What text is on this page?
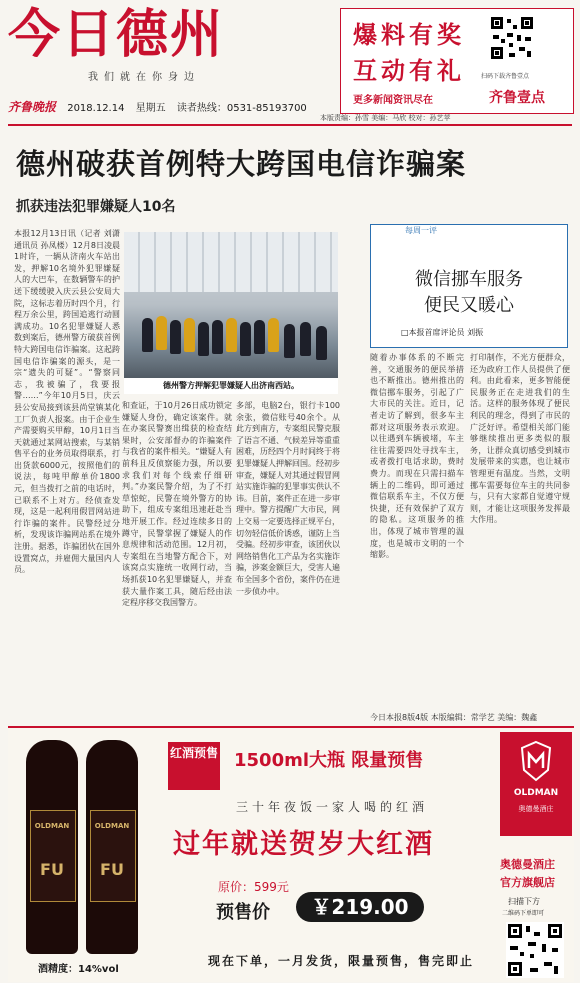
今日德州
我们就在你身边
爆料有奖
互动有礼	扫码下载齐鲁壹点
更多新闻资讯尽在	齐鲁壹点
齐鲁晚报 2018.12.14 星期五 读者热线：0531-85193700
本版责编：孙雪 美编：马欣 校对：孙艺苹
德州破获首例特大跨国电信诈骗案
抓获违法犯罪嫌疑人10名
本报12月13日讯（记者 刘潇 通讯员 孙凤楼）12月8日凌晨1时许，一辆从济南火车站出发，押解10名境外犯罪嫌疑人的大巴车，在数辆警车的护送下缓缓驶入庆云县公安局大院，这标志着历时四个月，行程万余公里，跨国追逃行动圆满成功。10名犯罪嫌疑人悉数到案后，德州警方破获首例特大跨国电信诈骗案。这起跨国电信诈骗案的源头，是一宗“遗失的可疑”。“警察同志，我被骗了，我要报警……”今年10月5日，庆云县公安局接到该县尚堂镇某化工厂负责人报案。由于企业生产需要购买甲醇，10月1日当天就通过某网站搜索，与某销售平台的业务员取得联系，打出货款6000元，按照他们的说法，每吨甲醇单价1800元，但当拨打之前的电话时，已联系不上对方。经侦查发现，这是一起利用假冒网站进行诈骗的案件。民警经过分析，发现该诈骗网站系在境外注册。据悉，诈骗团伙在国外设置窝点，并雇佣大量国内人员。
德州警方押解犯罪嫌疑人出济南西站。
和查证，于10月26日成功锁定嫌疑人身份，确定该案件。就在办案民警赛出缉获的检查结果时，公安部督办的诈骗案件与我省的案件相关。“嫌疑人有前科且反侦察能力强，所以要求我们对每个线索仔细研判。”办案民警介绍，为了不打草惊蛇，民警在境外警方的协助下，组成专案组迅速赶赴当地开展工作。经过连续多日的蹲守，民警掌握了嫌疑人的作息规律和活动范围。12月初，专案组在当地警方配合下，对该窝点实施统一收网行动，当场抓获10名犯罪嫌疑人，并查获大量作案工具，随后经由法定程序移交我国警方。
多部，电脑2台，银行卡100余张，微信账号40余个。从此方到南方，专案组民警克服了语言不通、气候差异等重重困难，历经四个月时间终于将犯罪嫌疑人押解回国。经初步审查，嫌疑人对其通过假冒网站实施诈骗的犯罪事实供认不讳。目前，案件正在进一步审理中。警方提醒广大市民，网上交易一定要选择正规平台，切勿轻信低价诱惑，谨防上当受骗。经初步审查，该团伙以网络销售化工产品为名实施诈骗，涉案金额巨大，受害人遍布全国多个省份，案件仍在进一步侦办中。
每周一评
微信挪车服务
便民又暖心
□本报首席评论员 刘振
随着办事体系的不断完善，交通服务的便民举措也不断推出。德州推出的微信挪车服务，引起了广大市民的关注。近日，记者走访了解到，很多车主都对这项服务表示欢迎。以往遇到车辆被堵，车主往往需要四处寻找车主，或者拨打电话求助，费时费力。而现在只需扫描车辆上的二维码，即可通过微信联系车主，不仅方便快捷，还有效保护了双方的隐私。这项服务的推出，体现了城市管理的温度，也是城市文明的一个缩影。
打印制作，不光方便群众，还为政府工作人员提供了便利。由此看来，更多智能便民服务正在走进我们的生活。这样的服务体现了便民利民的理念，得到了市民的广泛好评。希望相关部门能够继续推出更多类似的服务，让群众真切感受到城市发展带来的实惠，也让城市管理更有温度。当然，文明挪车需要每位车主的共同参与，只有大家都自觉遵守规则，才能让这项服务发挥最大作用。
今日本报8版4版 本版编辑：常学艺 美编：魏鑫
OLDMAN
FU
OLDMAN
FU
酒精度：14%vol
红酒预售 1500ml大瓶 限量预售
三十年夜饭一家人喝的红酒
过年就送贺岁大红酒
原价：599元
预售价	￥219.00
现在下单，一月发货，限量预售，售完即止
OLDMAN
奥德曼酒庄
奥德曼酒庄
官方旗舰店
扫描下方
二维码下单即可
